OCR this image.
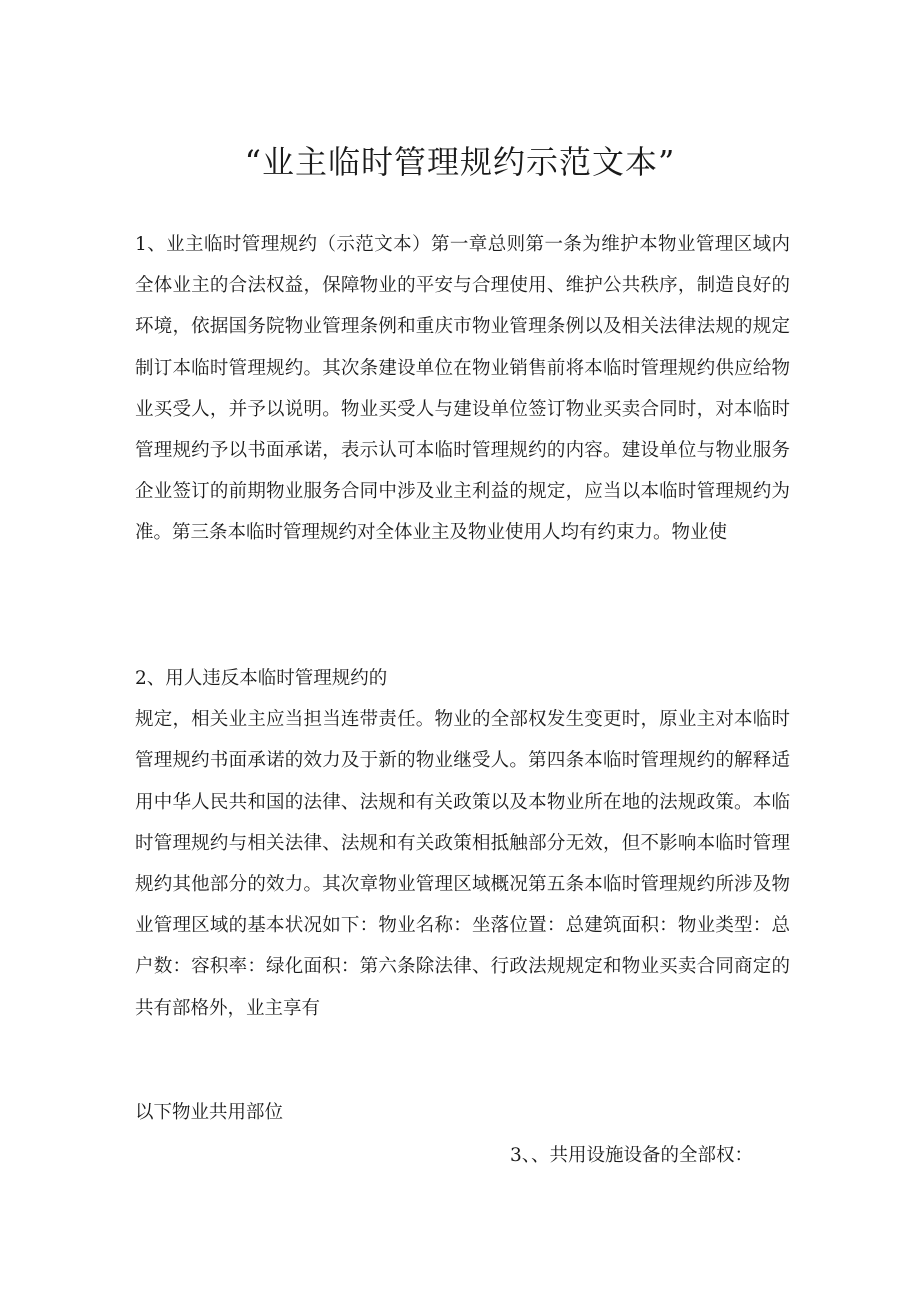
“业主临时管理规约示范文本”

1、业主临时管理规约（示范文本）第一章总则第一条为维护本物业管理区域内全体业主的合法权益，保障物业的平安与合理使用、维护公共秩序，制造良好的环境，依据国务院物业管理条例和重庆市物业管理条例以及相关法律法规的规定制订本临时管理规约。其次条建设单位在物业销售前将本临时管理规约供应给物业买受人，并予以说明。物业买受人与建设单位签订物业买卖合同时，对本临时管理规约予以书面承诺，表示认可本临时管理规约的内容。建设单位与物业服务企业签订的前期物业服务合同中涉及业主利益的规定，应当以本临时管理规约为准。第三条本临时管理规约对全体业主及物业使用人均有约束力。物业使

2、用人违反本临时管理规约的
规定，相关业主应当担当连带责任。物业的全部权发生变更时，原业主对本临时管理规约书面承诺的效力及于新的物业继受人。第四条本临时管理规约的解释适用中华人民共和国的法律、法规和有关政策以及本物业所在地的法规政策。本临时管理规约与相关法律、法规和有关政策相抵触部分无效，但不影响本临时管理规约其他部分的效力。其次章物业管理区域概况第五条本临时管理规约所涉及物业管理区域的基本状况如下：物业名称：坐落位置：总建筑面积：物业类型：总户数：容积率：绿化面积：第六条除法律、行政法规规定和物业买卖合同商定的共有部格外，业主享有

以下物业共用部位

3、、共用设施设备的全部权：
